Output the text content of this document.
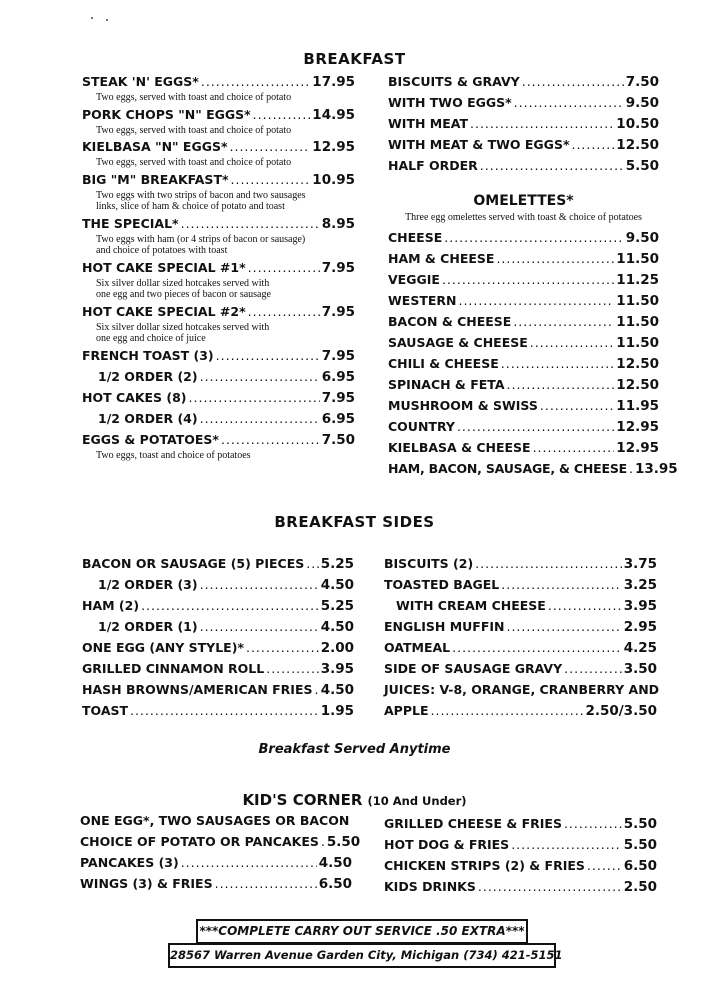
BREAKFAST
STEAK 'N' EGGS* .....	17.95
Two eggs, served with toast and choice of potato
PORK CHOPS "N" EGGS* .....	14.95
Two eggs, served with toast and choice of potato
KIELBASA "N" EGGS* .....	12.95
Two eggs, served with toast and choice of potato
BIG "M" BREAKFAST* .....	10.95
Two eggs with two strips of bacon and two sausages
links, slice of ham & choice of potato and toast
THE SPECIAL* .....	8.95
Two eggs with ham (or 4 strips of bacon or sausage)
and choice of potatoes with toast
HOT CAKE SPECIAL #1* .....	7.95
Six silver dollar sized hotcakes served with
one egg and two pieces of bacon or sausage
HOT CAKE SPECIAL #2* .....	7.95
Six silver dollar sized hotcakes served with
one egg and choice of juice
FRENCH TOAST (3) .....	7.95
1/2 ORDER (2) .....	6.95
HOT CAKES (8) .....	7.95
1/2 ORDER (4) .....	6.95
EGGS & POTATOES* .....	7.50
Two eggs, toast and choice of potatoes
BISCUITS & GRAVY .....	7.50
WITH TWO EGGS* .....	9.50
WITH MEAT .....	10.50
WITH MEAT & TWO EGGS* .....	12.50
HALF ORDER .....	5.50
OMELETTES*
Three egg omelettes served with toast & choice of potatoes
CHEESE .....	9.50
HAM & CHEESE .....	11.50
VEGGIE .....	11.25
WESTERN .....	11.50
BACON & CHEESE .....	11.50
SAUSAGE & CHEESE .....	11.50
CHILI & CHEESE .....	12.50
SPINACH & FETA .....	12.50
MUSHROOM & SWISS .....	11.95
COUNTRY .....	12.95
KIELBASA & CHEESE .....	12.95
HAM, BACON, SAUSAGE, & CHEESE ..... 13.95
BREAKFAST SIDES
BACON OR SAUSAGE (5) PIECES ..... 5.25
1/2 ORDER (3) .....	4.50
HAM (2) .....	5.25
1/2 ORDER (1) .....	4.50
ONE EGG (ANY STYLE)* .....	2.00
GRILLED CINNAMON ROLL .....	3.95
HASH BROWNS/AMERICAN FRIES ..... 4.50
TOAST .....	1.95
BISCUITS (2) .....	3.75
TOASTED BAGEL .....	3.25
WITH CREAM CHEESE .....	3.95
ENGLISH MUFFIN .....	2.95
OATMEAL .....	4.25
SIDE OF SAUSAGE GRAVY .....	3.50
JUICES: V-8, ORANGE, CRANBERRY AND
APPLE .....	2.50/3.50
Breakfast Served Anytime
KID'S CORNER (10 And Under)
ONE EGG*, TWO SAUSAGES OR BACON
CHOICE OF POTATO OR PANCAKES ..... 5.50
PANCAKES (3) .....	4.50
WINGS (3) & FRIES .....	6.50
GRILLED CHEESE & FRIES .....	5.50
HOT DOG & FRIES .....	5.50
CHICKEN STRIPS (2) & FRIES .....	6.50
KIDS DRINKS .....	2.50
***COMPLETE CARRY OUT SERVICE .50 EXTRA***
28567 Warren Avenue Garden City, Michigan (734) 421-5151
